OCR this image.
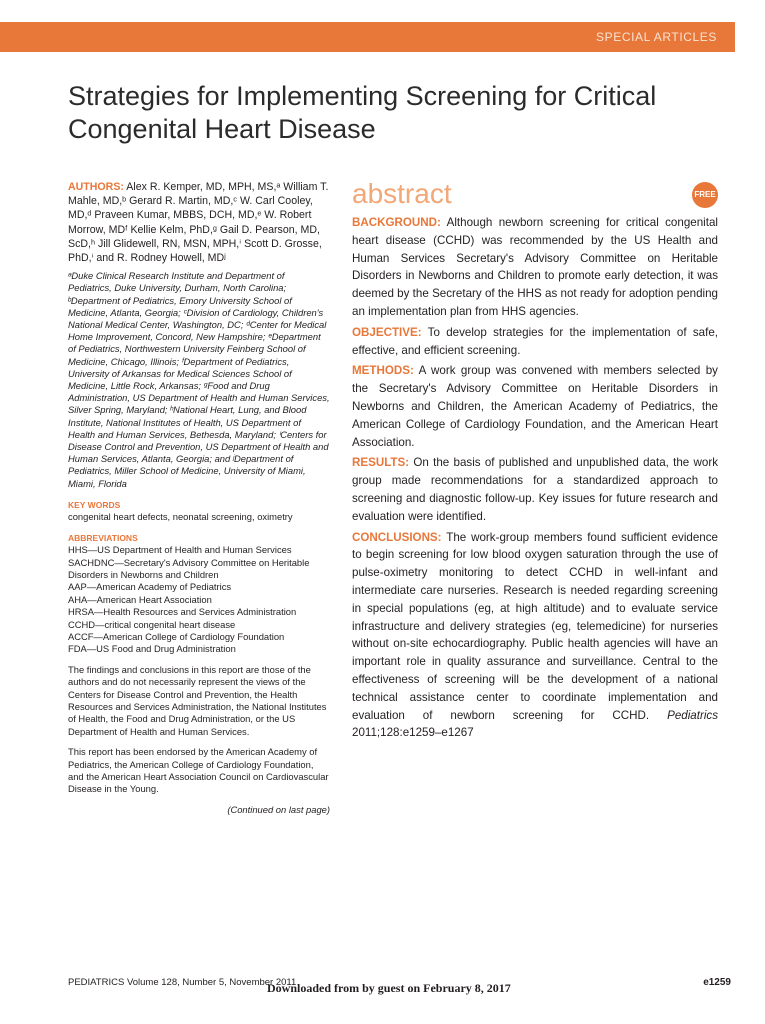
SPECIAL ARTICLES
Strategies for Implementing Screening for Critical Congenital Heart Disease

AUTHORS: Alex R. Kemper, MD, MPH, MS,ᵃ William T. Mahle, MD,ᵇ Gerard R. Martin, MD,ᶜ W. Carl Cooley, MD,ᵈ Praveen Kumar, MBBS, DCH, MD,ᵉ W. Robert Morrow, MDᶠ Kellie Kelm, PhD,ᵍ Gail D. Pearson, MD, ScD,ʰ Jill Glidewell, RN, MSN, MPH,ⁱ Scott D. Grosse, PhD,ⁱ and R. Rodney Howell, MDʲ

ᵃDuke Clinical Research Institute and Department of Pediatrics, Duke University, Durham, North Carolina; ᵇDepartment of Pediatrics, Emory University School of Medicine, Atlanta, Georgia; ᶜDivision of Cardiology, Children's National Medical Center, Washington, DC; ᵈCenter for Medical Home Improvement, Concord, New Hampshire; ᵉDepartment of Pediatrics, Northwestern University Feinberg School of Medicine, Chicago, Illinois; ᶠDepartment of Pediatrics, University of Arkansas for Medical Sciences School of Medicine, Little Rock, Arkansas; ᵍFood and Drug Administration, US Department of Health and Human Services, Silver Spring, Maryland; ʰNational Heart, Lung, and Blood Institute, National Institutes of Health, US Department of Health and Human Services, Bethesda, Maryland; ⁱCenters for Disease Control and Prevention, US Department of Health and Human Services, Atlanta, Georgia; and ʲDepartment of Pediatrics, Miller School of Medicine, University of Miami, Miami, Florida

KEY WORDS

congenital heart defects, neonatal screening, oximetry

ABBREVIATIONS

HHS—US Department of Health and Human Services
SACHDNC—Secretary's Advisory Committee on Heritable Disorders in Newborns and Children
AAP—American Academy of Pediatrics
AHA—American Heart Association
HRSA—Health Resources and Services Administration
CCHD—critical congenital heart disease
ACCF—American College of Cardiology Foundation
FDA—US Food and Drug Administration

The findings and conclusions in this report are those of the authors and do not necessarily represent the views of the Centers for Disease Control and Prevention, the Health Resources and Services Administration, the National Institutes of Health, the Food and Drug Administration, or the US Department of Health and Human Services.

This report has been endorsed by the American Academy of Pediatrics, the American College of Cardiology Foundation, and the American Heart Association Council on Cardiovascular Disease in the Young.

(Continued on last page)

abstract	FREE

BACKGROUND: Although newborn screening for critical congenital heart disease (CCHD) was recommended by the US Health and Human Services Secretary's Advisory Committee on Heritable Disorders in Newborns and Children to promote early detection, it was deemed by the Secretary of the HHS as not ready for adoption pending an implementation plan from HHS agencies.

OBJECTIVE: To develop strategies for the implementation of safe, effective, and efficient screening.

METHODS: A work group was convened with members selected by the Secretary's Advisory Committee on Heritable Disorders in Newborns and Children, the American Academy of Pediatrics, the American College of Cardiology Foundation, and the American Heart Association.

RESULTS: On the basis of published and unpublished data, the work group made recommendations for a standardized approach to screening and diagnostic follow-up. Key issues for future research and evaluation were identified.

CONCLUSIONS: The work-group members found sufficient evidence to begin screening for low blood oxygen saturation through the use of pulse-oximetry monitoring to detect CCHD in well-infant and intermediate care nurseries. Research is needed regarding screening in special populations (eg, at high altitude) and to evaluate service infrastructure and delivery strategies (eg, telemedicine) for nurseries without on-site echocardiography. Public health agencies will have an important role in quality assurance and surveillance. Central to the effectiveness of screening will be the development of a national technical assistance center to coordinate implementation and evaluation of newborn screening for CCHD. Pediatrics 2011;128:e1259–e1267

PEDIATRICS Volume 128, Number 5, November 2011
Downloaded from by guest on February 8, 2017	e1259
